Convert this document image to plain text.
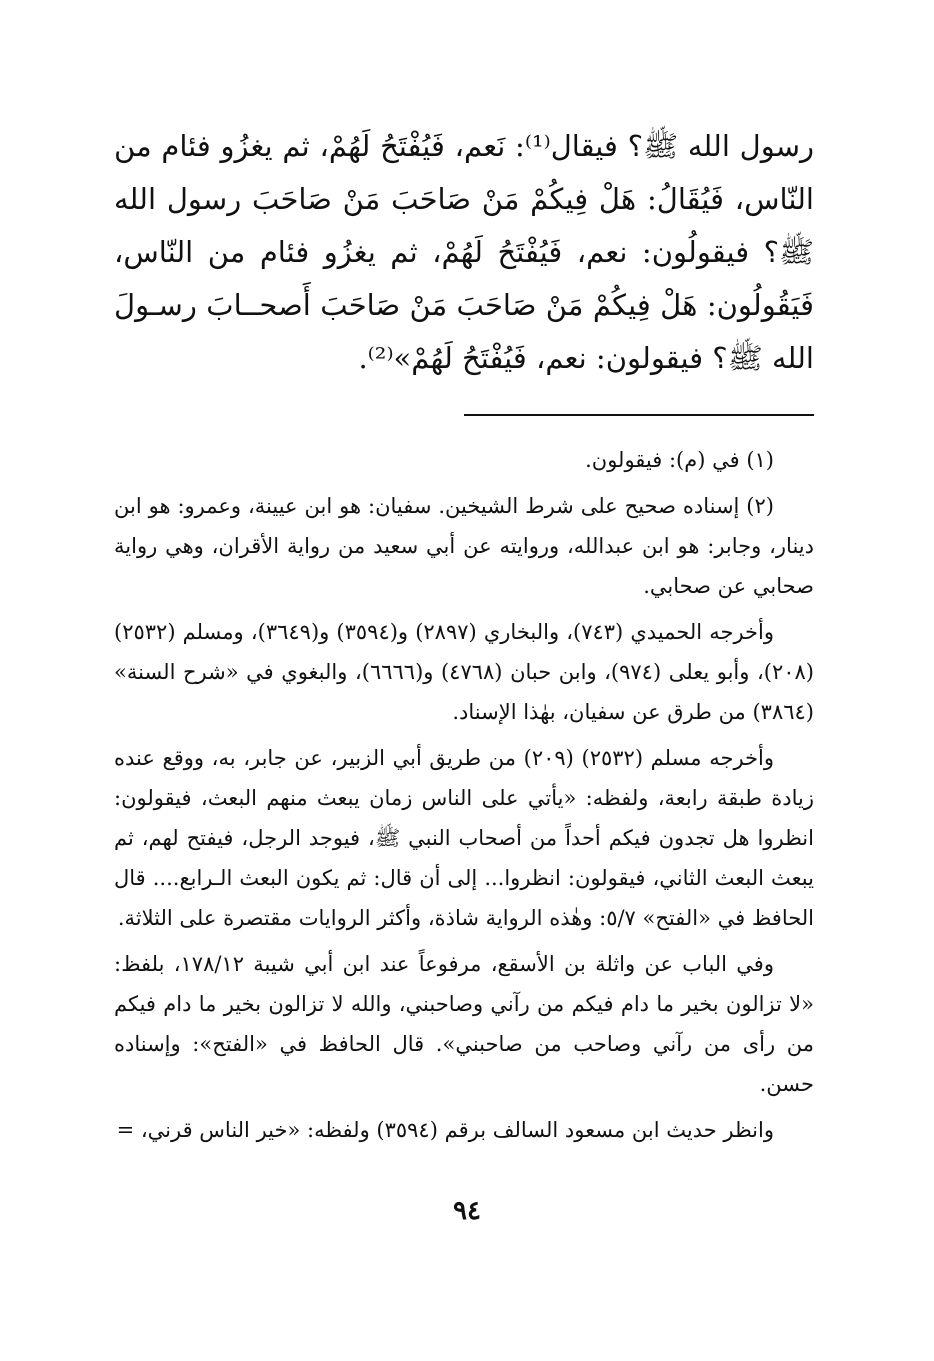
رسول الله ﷺ؟ فيقال⁽¹⁾: نَعم، فَيُفْتَحُ لَهُمْ، ثم يغزُو فئام من النّاس، فَيُقَالُ: هَلْ فِيكُمْ مَنْ صَاحَبَ مَنْ صَاحَبَ رسول الله ﷺ؟ فيقولُون: نعم، فَيُفْتَحُ لَهُمْ، ثم يغزُو فئام من النّاس، فَيَقُولُون: هَلْ فِيكُمْ مَنْ صَاحَبَ مَنْ صَاحَبَ أَصحــابَ رسـولَ الله ﷺ؟ فيقولون: نعم، فَيُفْتَحُ لَهُمْ»⁽²⁾.

(١) في (م): فيقولون.

(٢) إسناده صحيح على شرط الشيخين. سفيان: هو ابن عيينة، وعمرو: هو ابن دينار، وجابر: هو ابن عبدالله، وروايته عن أبي سعيد من رواية الأقران، وهي رواية صحابي عن صحابي.

وأخرجه الحميدي (٧٤٣)، والبخاري (٢٨٩٧) و(٣٥٩٤) و(٣٦٤٩)، ومسلم (٢٥٣٢) (٢٠٨)، وأبو يعلى (٩٧٤)، وابن حبان (٤٧٦٨) و(٦٦٦٦)، والبغوي في «شرح السنة» (٣٨٦٤) من طرق عن سفيان، بهٰذا الإسناد.

وأخرجه مسلم (٢٥٣٢) (٢٠٩) من طريق أبي الزبير، عن جابر، به، ووقع عنده زيادة طبقة رابعة، ولفظه: «يأتي على الناس زمان يبعث منهم البعث، فيقولون: انظروا هل تجدون فيكم أحداً من أصحاب النبي ﷺ، فيوجد الرجل، فيفتح لهم، ثم يبعث البعث الثاني، فيقولون: انظروا... إلى أن قال: ثم يكون البعث الـرابع.... قال الحافظ في «الفتح» ٥/٧: وهٰذه الرواية شاذة، وأكثر الروايات مقتصرة على الثلاثة.

وفي الباب عن واثلة بن الأسقع، مرفوعاً عند ابن أبي شيبة ١٧٨/١٢، بلفظ: «لا تزالون بخير ما دام فيكم من رآني وصاحبني، والله لا تزالون بخير ما دام فيكم من رأى من رآني وصاحب من صاحبني». قال الحافظ في «الفتح»: وإسناده حسن.

وانظر حديث ابن مسعود السالف برقم (٣٥٩٤) ولفظه: «خير الناس قرني، =

٩٤
